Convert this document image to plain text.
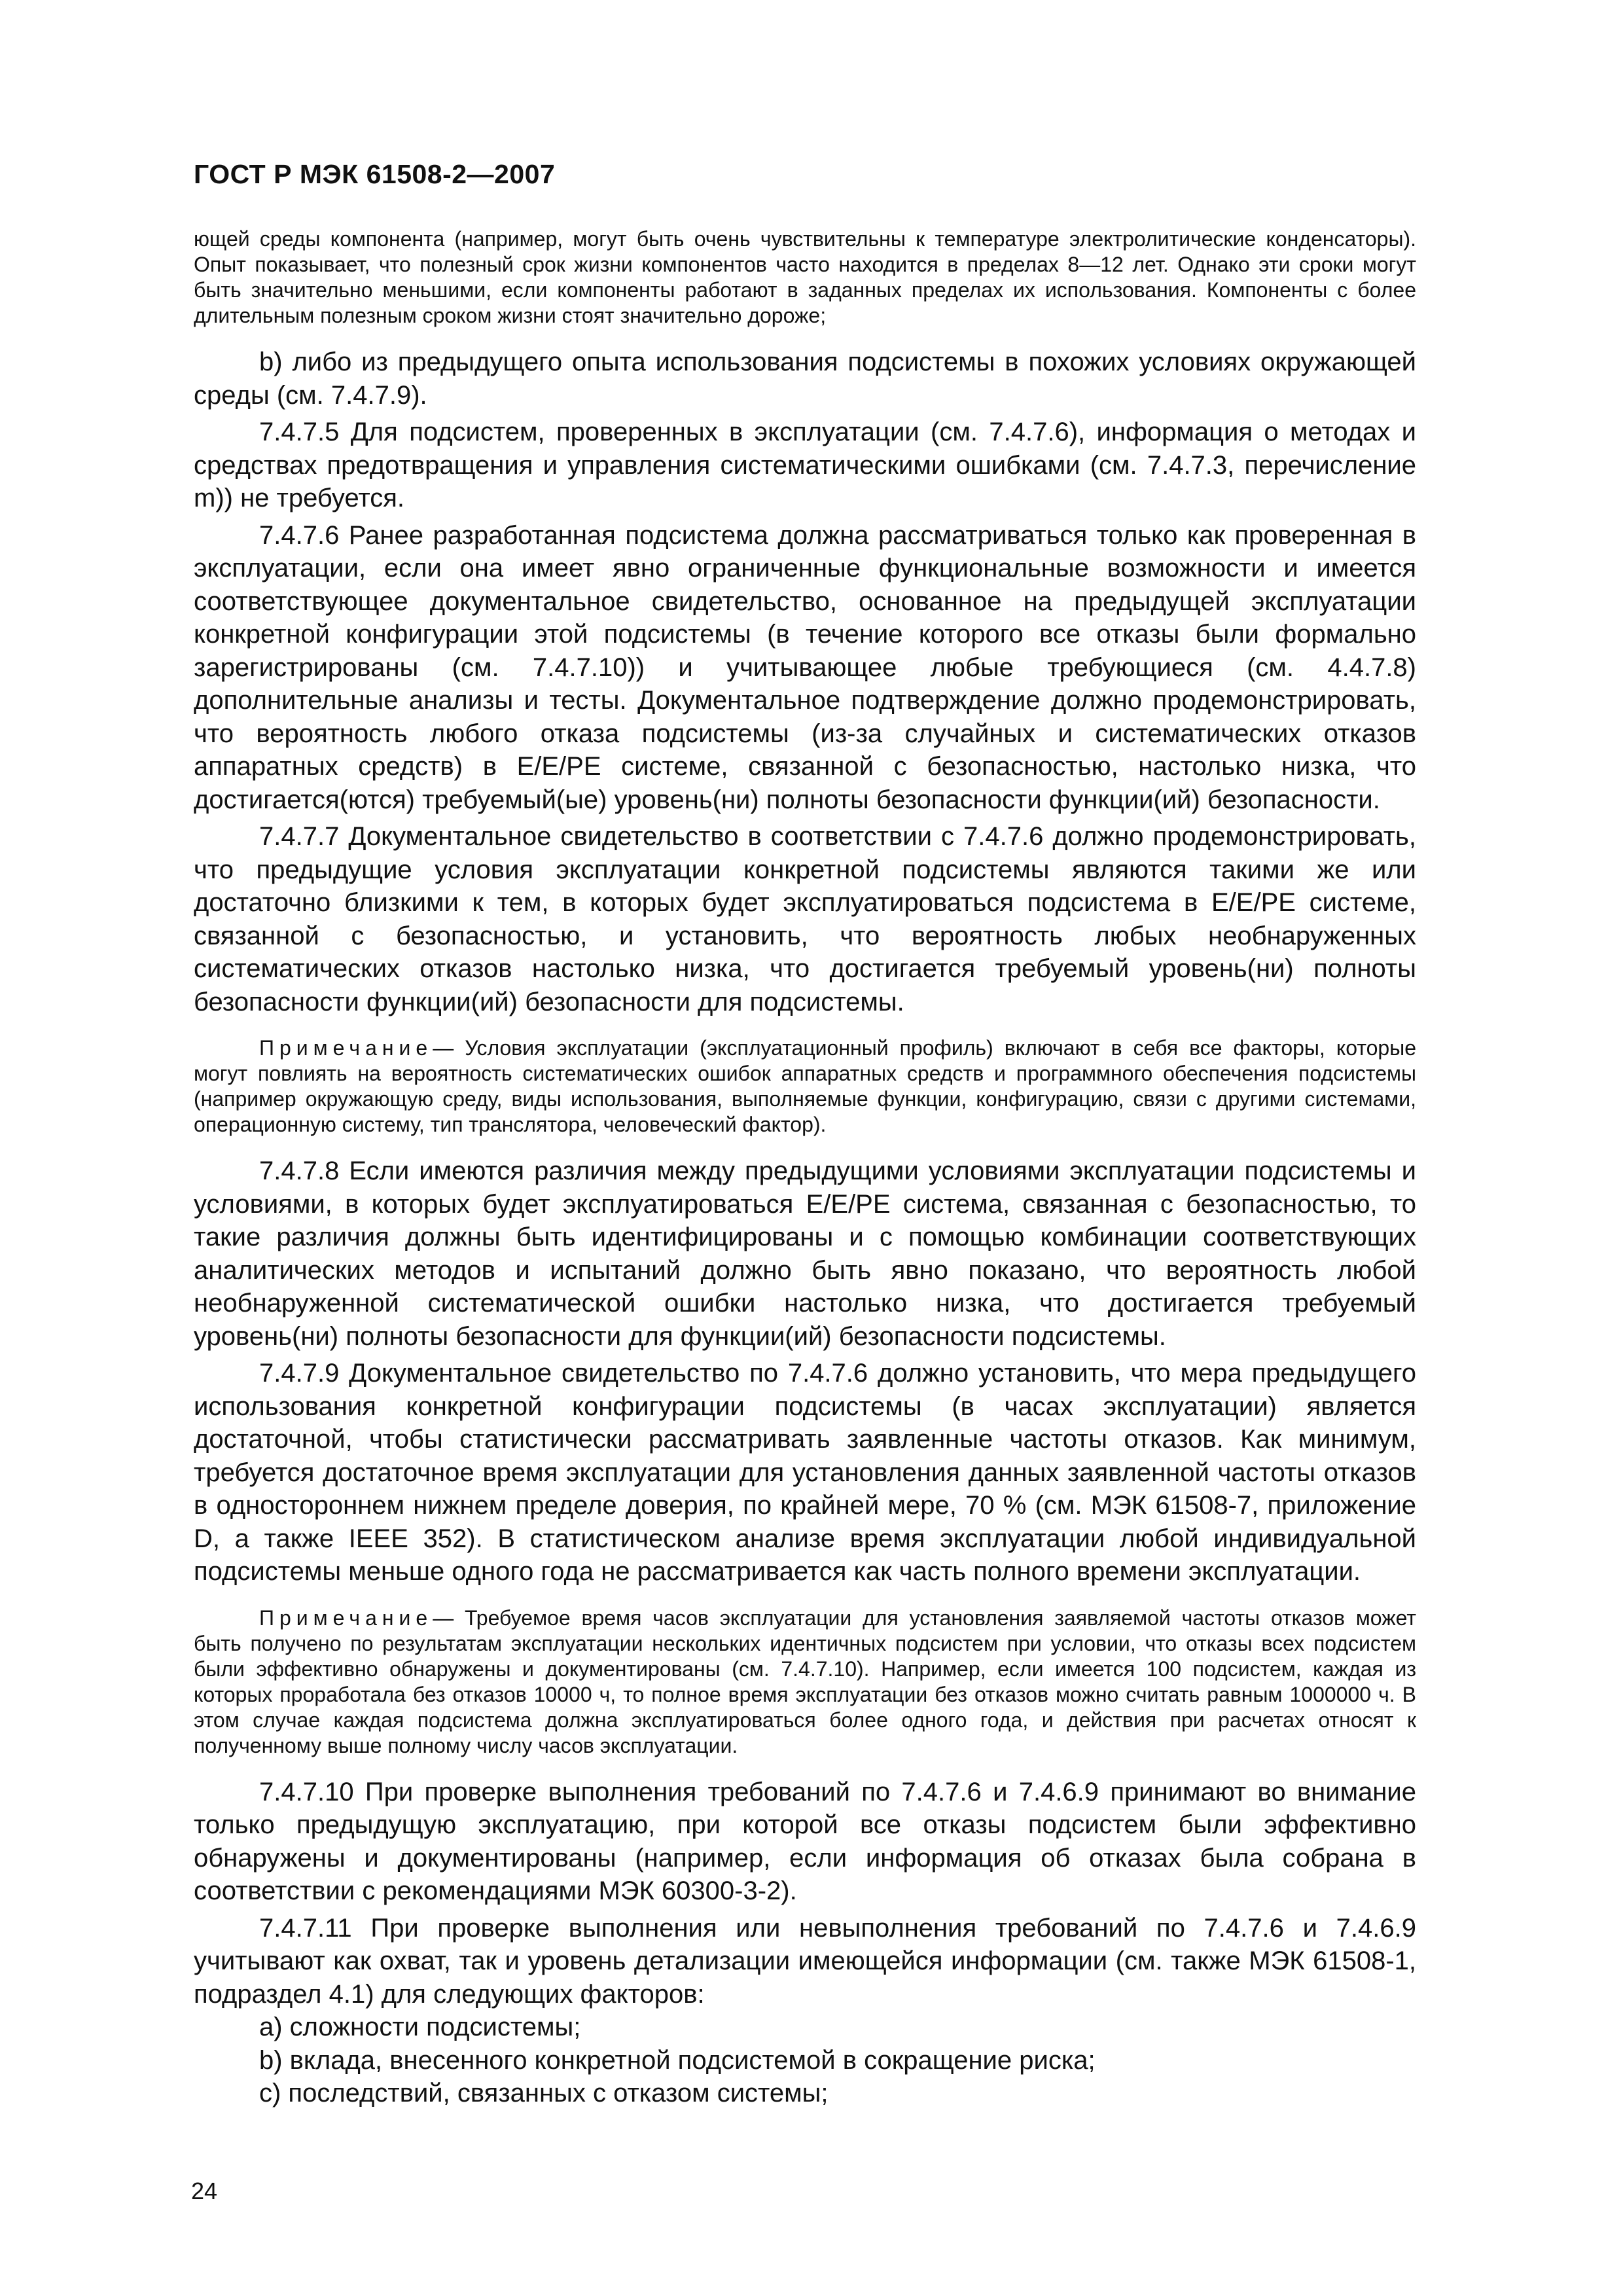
ГОСТ Р МЭК 61508-2—2007

ющей среды компонента (например, могут быть очень чувствительны к температуре электролитические конденсаторы). Опыт показывает, что полезный срок жизни компонентов часто находится в пределах 8—12 лет. Однако эти сроки могут быть значительно меньшими, если компоненты работают в заданных пределах их использования. Компоненты с более длительным полезным сроком жизни стоят значительно дороже;

b) либо из предыдущего опыта использования подсистемы в похожих условиях окружающей среды (см. 7.4.7.9).

7.4.7.5 Для подсистем, проверенных в эксплуатации (см. 7.4.7.6), информация о методах и средствах предотвращения и управления систематическими ошибками (см. 7.4.7.3, перечисление m)) не требуется.

7.4.7.6 Ранее разработанная подсистема должна рассматриваться только как проверенная в эксплуатации, если она имеет явно ограниченные функциональные возможности и имеется соответствующее документальное свидетельство, основанное на предыдущей эксплуатации конкретной конфигурации этой подсистемы (в течение которого все отказы были формально зарегистрированы (см. 7.4.7.10)) и учитывающее любые требующиеся (см. 4.4.7.8) дополнительные анализы и тесты. Документальное подтверждение должно продемонстрировать, что вероятность любого отказа подсистемы (из-за случайных и систематических отказов аппаратных средств) в E/E/PE системе, связанной с безопасностью, настолько низка, что достигается(ются) требуемый(ые) уровень(ни) полноты безопасности функции(ий) безопасности.

7.4.7.7 Документальное свидетельство в соответствии с 7.4.7.6 должно продемонстрировать, что предыдущие условия эксплуатации конкретной подсистемы являются такими же или достаточно близкими к тем, в которых будет эксплуатироваться подсистема в E/E/PE системе, связанной с безопасностью, и установить, что вероятность любых необнаруженных систематических отказов настолько низка, что достигается требуемый уровень(ни) полноты безопасности функции(ий) безопасности для подсистемы.

Примечание— Условия эксплуатации (эксплуатационный профиль) включают в себя все факторы, которые могут повлиять на вероятность систематических ошибок аппаратных средств и программного обеспечения подсистемы (например окружающую среду, виды использования, выполняемые функции, конфигурацию, связи с другими системами, операционную систему, тип транслятора, человеческий фактор).

7.4.7.8 Если имеются различия между предыдущими условиями эксплуатации подсистемы и условиями, в которых будет эксплуатироваться E/E/PE система, связанная с безопасностью, то такие различия должны быть идентифицированы и с помощью комбинации соответствующих аналитических методов и испытаний должно быть явно показано, что вероятность любой необнаруженной систематической ошибки настолько низка, что достигается требуемый уровень(ни) полноты безопасности для функции(ий) безопасности подсистемы.

7.4.7.9 Документальное свидетельство по 7.4.7.6 должно установить, что мера предыдущего использования конкретной конфигурации подсистемы (в часах эксплуатации) является достаточной, чтобы статистически рассматривать заявленные частоты отказов. Как минимум, требуется достаточное время эксплуатации для установления данных заявленной частоты отказов в одностороннем нижнем пределе доверия, по крайней мере, 70 % (см. МЭК 61508-7, приложение D, а также IEEE 352). В статистическом анализе время эксплуатации любой индивидуальной подсистемы меньше одного года не рассматривается как часть полного времени эксплуатации.

Примечание— Требуемое время часов эксплуатации для установления заявляемой частоты отказов может быть получено по результатам эксплуатации нескольких идентичных подсистем при условии, что отказы всех подсистем были эффективно обнаружены и документированы (см. 7.4.7.10). Например, если имеется 100 подсистем, каждая из которых проработала без отказов 10000 ч, то полное время эксплуатации без отказов можно считать равным 1000000 ч. В этом случае каждая подсистема должна эксплуатироваться более одного года, и действия при расчетах относят к полученному выше полному числу часов эксплуатации.

7.4.7.10 При проверке выполнения требований по 7.4.7.6 и 7.4.6.9 принимают во внимание только предыдущую эксплуатацию, при которой все отказы подсистем были эффективно обнаружены и документированы (например, если информация об отказах была собрана в соответствии с рекомендациями МЭК 60300-3-2).

7.4.7.11 При проверке выполнения или невыполнения требований по 7.4.7.6 и 7.4.6.9 учитывают как охват, так и уровень детализации имеющейся информации (см. также МЭК 61508-1, подраздел 4.1) для следующих факторов:

a) сложности подсистемы;

b) вклада, внесенного конкретной подсистемой в сокращение риска;

c) последствий, связанных с отказом системы;

24
